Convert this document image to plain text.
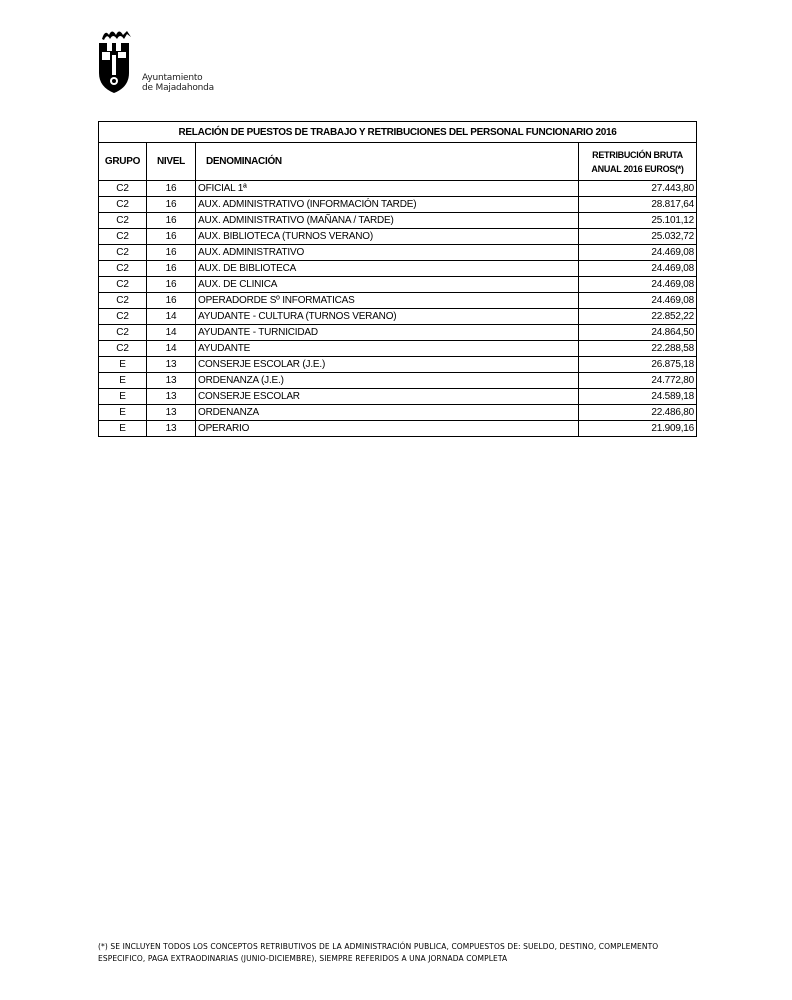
Ayuntamiento
de Majadahonda
RELACIÓN DE PUESTOS DE TRABAJO Y RETRIBUCIONES DEL PERSONAL FUNCIONARIO 2016			
GRUPO	NIVEL	DENOMINACIÓN	RETRIBUCIÓN BRUTA
ANUAL 2016 EUROS(*)

C2	16	OFICIAL 1ª	27.443,80
C2	16	AUX. ADMINISTRATIVO (INFORMACIÓN TARDE)	28.817,64
C2	16	AUX. ADMINISTRATIVO (MAÑANA / TARDE)	25.101,12
C2	16	AUX. BIBLIOTECA (TURNOS VERANO)	25.032,72
C2	16	AUX. ADMINISTRATIVO	24.469,08
C2	16	AUX. DE BIBLIOTECA	24.469,08
C2	16	AUX. DE CLINICA	24.469,08
C2	16	OPERADORDE Sº INFORMATICAS	24.469,08
C2	14	AYUDANTE - CULTURA (TURNOS VERANO)	22.852,22
C2	14	AYUDANTE - TURNICIDAD	24.864,50
C2	14	AYUDANTE	22.288,58
E	13	CONSERJE ESCOLAR (J.E.)	26.875,18
E	13	ORDENANZA (J.E.)	24.772,80
E	13	CONSERJE ESCOLAR	24.589,18
E	13	ORDENANZA	22.486,80
E	13	OPERARIO	21.909,16
(*) SE INCLUYEN TODOS LOS CONCEPTOS RETRIBUTIVOS DE LA ADMINISTRACIÓN PUBLICA, COMPUESTOS DE: SUELDO, DESTINO, COMPLEMENTO
ESPECIFICO, PAGA EXTRAODINARIAS (JUNIO-DICIEMBRE), SIEMPRE REFERIDOS A UNA JORNADA COMPLETA
